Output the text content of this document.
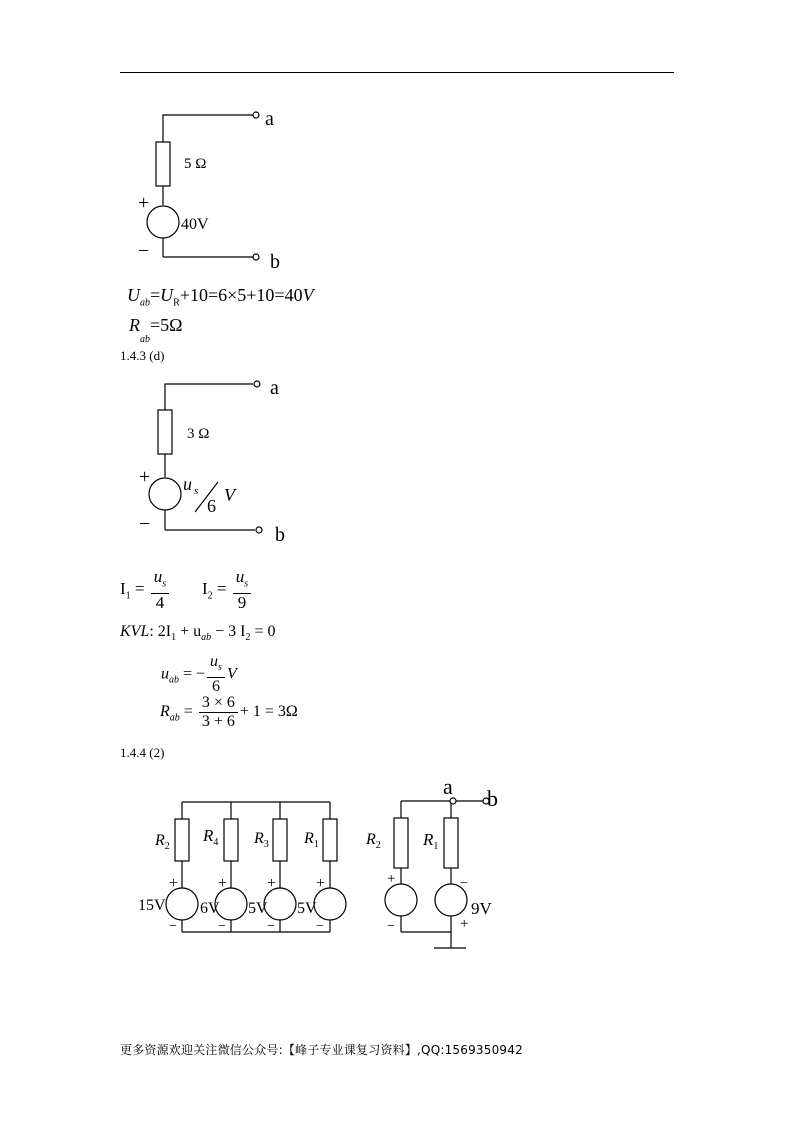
a
b
5 Ω
40V
+
−
$U_{ab}=U_R+10=6\times 5+10=40V$
$R_{ab}=5\Omega$
1.4.3 (d)
a
b
3 Ω
u s
6
V
+
−
$I_1 = \frac{u_s}{4} I_2 = \frac{u_s}{9}$
KVL: $2I_1 + u_{ab} - 3$ $I_2 = 0$
$u_{ab}$ = − $\frac{u_s}{6}$ V
$R_{ab} = \frac{3 \times 6}{3 + 6} + 1 = 3\Omega$
1.4.4 (2)
$R_2$
$R_4$ $R_3$ $R_1$
15V 6V 5V 5V
+ + + +
−	−	−	−
a b
$R_2$ $R_1$
9V
+
−
−
+
更多资源欢迎关注微信公众号:【峰子专业课复习资料】,QQ:1569350942
